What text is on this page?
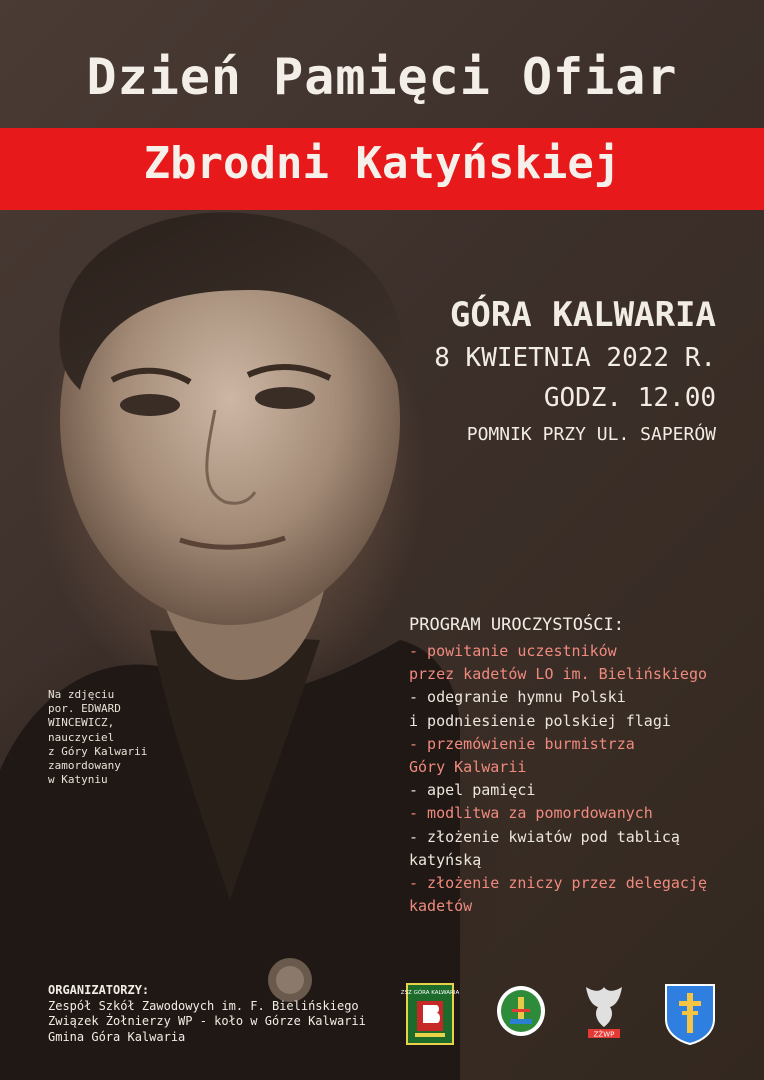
Dzień Pamięci Ofiar
Zbrodni Katyńskiej
GÓRA KALWARIA
8 KWIETNIA 2022 R.
GODZ. 12.00
POMNIK PRZY UL. SAPERÓW
PROGRAM UROCZYSTOŚCI:
- powitanie uczestników
przez kadetów LO im. Bielińskiego
- odegranie hymnu Polski
i podniesienie polskiej flagi
- przemówienie burmistrza
Góry Kalwarii
- apel pamięci
- modlitwa za pomordowanych
- złożenie kwiatów pod tablicą
katyńską
- złożenie zniczy przez delegację
kadetów
Na zdjęciu
por. EDWARD
WINCEWICZ,
nauczyciel
z Góry Kalwarii
zamordowany
w Katyniu
ORGANIZATORZY:
Zespół Szkół Zawodowych im. F. Bielińskiego
Związek Żołnierzy WP - koło w Górze Kalwarii
Gmina Góra Kalwaria
ZSZ GÓRA KALWARIA
ZŻWP
